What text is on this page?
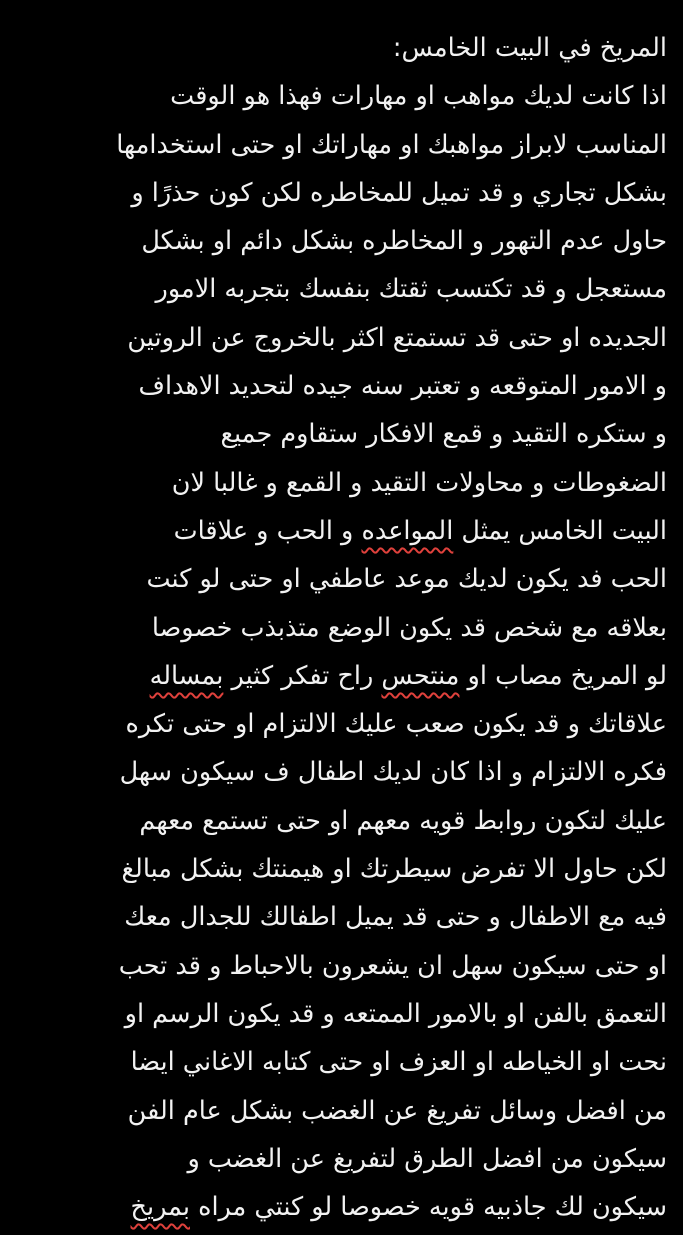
المريخ في البيت الخامس:
اذا كانت لديك مواهب او مهارات فهذا هو الوقت
المناسب لابراز مواهبك او مهاراتك او حتى استخدامها
بشكل تجاري و قد تميل للمخاطره لكن كون حذرًا و
حاول عدم التهور و المخاطره بشكل دائم او بشكل
مستعجل و قد تكتسب ثقتك بنفسك بتجربه الامور
الجديده او حتى قد تستمتع اكثر بالخروج عن الروتين
و الامور المتوقعه و تعتبر سنه جيده لتحديد الاهداف
و ستكره التقيد و قمع الافكار ستقاوم جميع
الضغوطات و محاولات التقيد و القمع و غالبا لان
البيت الخامس يمثل المواعده و الحب و علاقات
الحب فد يكون لديك موعد عاطفي او حتى لو كنت
بعلاقه مع شخص قد يكون الوضع متذبذب خصوصا
لو المريخ مصاب او منتحس راح تفكر كثير بمساله
علاقاتك و قد يكون صعب عليك الالتزام او حتى تكره
فكره الالتزام و اذا كان لديك اطفال ف سيكون سهل
عليك لتكون روابط قويه معهم او حتى تستمع معهم
لكن حاول الا تفرض سيطرتك او هيمنتك بشكل مبالغ
فيه مع الاطفال و حتى قد يميل اطفالك للجدال معك
او حتى سيكون سهل ان يشعرون بالاحباط و قد تحب
التعمق بالفن او بالامور الممتعه و قد يكون الرسم او
نحت او الخياطه او العزف او حتى كتابه الاغاني ايضا
من افضل وسائل تفريغ عن الغضب بشكل عام الفن
سيكون من افضل الطرق لتفريغ عن الغضب و
سيكون لك جاذبيه قويه خصوصا لو كنتي مراه بمريخ
